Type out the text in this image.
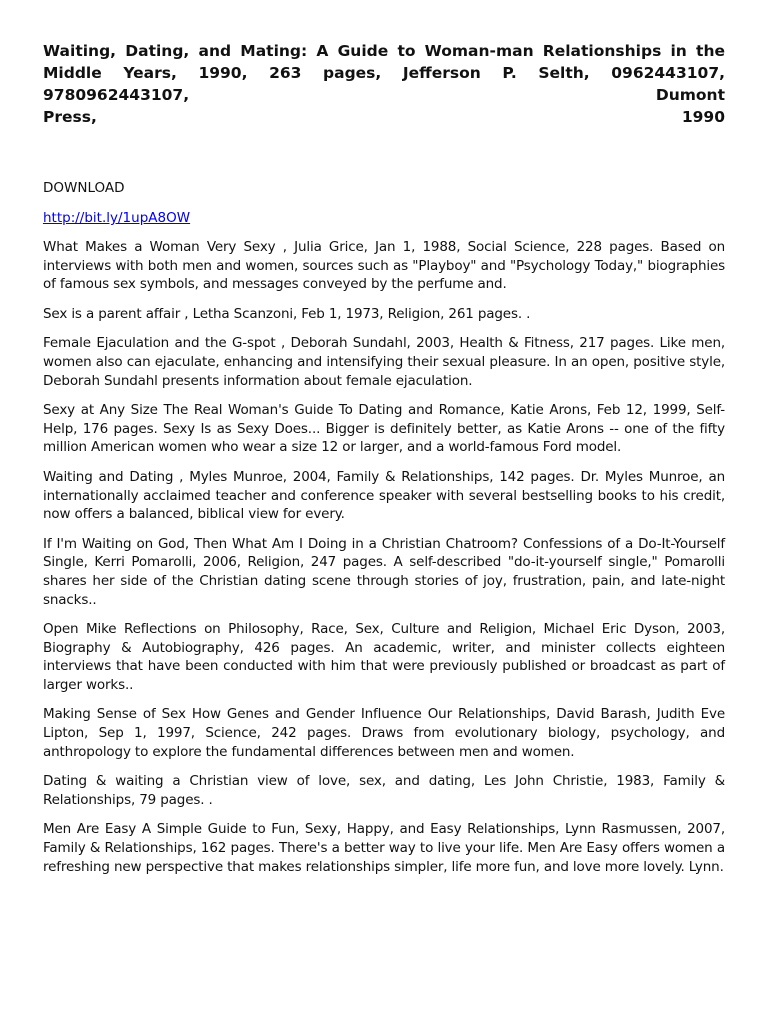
Waiting, Dating, and Mating: A Guide to Woman-man Relationships in the Middle Years, 1990, 263 pages, Jefferson P. Selth, 0962443107, 9780962443107, Dumont

Press,	1990
DOWNLOAD
http://bit.ly/1upA8OW

What Makes a Woman Very Sexy , Julia Grice, Jan 1, 1988, Social Science, 228 pages. Based on interviews with both men and women, sources such as "Playboy" and "Psychology Today," biographies of famous sex symbols, and messages conveyed by the perfume and.

Sex is a parent affair , Letha Scanzoni, Feb 1, 1973, Religion, 261 pages. .

Female Ejaculation and the G-spot , Deborah Sundahl, 2003, Health & Fitness, 217 pages. Like men, women also can ejaculate, enhancing and intensifying their sexual pleasure. In an open, positive style, Deborah Sundahl presents information about female ejaculation.

Sexy at Any Size The Real Woman's Guide To Dating and Romance, Katie Arons, Feb 12, 1999, Self-Help, 176 pages. Sexy Is as Sexy Does... Bigger is definitely better, as Katie Arons -- one of the fifty million American women who wear a size 12 or larger, and a world-famous Ford model.

Waiting and Dating , Myles Munroe, 2004, Family & Relationships, 142 pages. Dr. Myles Munroe, an internationally acclaimed teacher and conference speaker with several bestselling books to his credit, now offers a balanced, biblical view for every.

If I'm Waiting on God, Then What Am I Doing in a Christian Chatroom? Confessions of a Do-It-Yourself Single, Kerri Pomarolli, 2006, Religion, 247 pages. A self-described "do-it-yourself single," Pomarolli shares her side of the Christian dating scene through stories of joy, frustration, pain, and late-night snacks..

Open Mike Reflections on Philosophy, Race, Sex, Culture and Religion, Michael Eric Dyson, 2003, Biography & Autobiography, 426 pages. An academic, writer, and minister collects eighteen interviews that have been conducted with him that were previously published or broadcast as part of larger works..

Making Sense of Sex How Genes and Gender Influence Our Relationships, David Barash, Judith Eve Lipton, Sep 1, 1997, Science, 242 pages. Draws from evolutionary biology, psychology, and anthropology to explore the fundamental differences between men and women.

Dating & waiting a Christian view of love, sex, and dating, Les John Christie, 1983, Family & Relationships, 79 pages. .

Men Are Easy A Simple Guide to Fun, Sexy, Happy, and Easy Relationships, Lynn Rasmussen, 2007, Family & Relationships, 162 pages. There's a better way to live your life. Men Are Easy offers women a refreshing new perspective that makes relationships simpler, life more fun, and love more lovely. Lynn.
